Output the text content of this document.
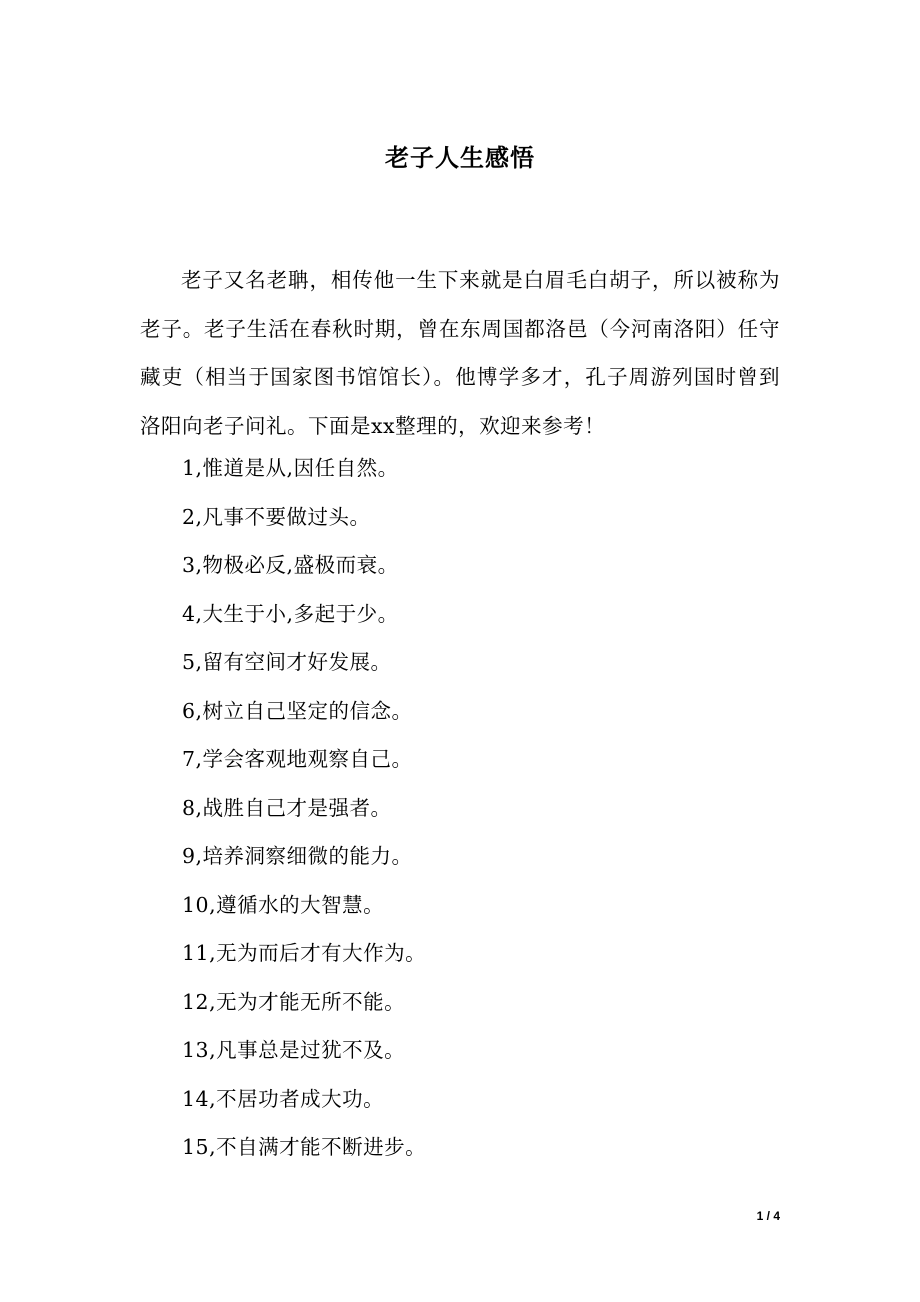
老子人生感悟

老子又名老聃，相传他一生下来就是白眉毛白胡子，所以被称为老子。老子生活在春秋时期，曾在东周国都洛邑（今河南洛阳）任守藏吏（相当于国家图书馆馆长）。他博学多才，孔子周游列国时曾到洛阳向老子问礼。下面是xx整理的，欢迎来参考！

1,惟道是从,因任自然。
2,凡事不要做过头。
3,物极必反,盛极而衰。
4,大生于小,多起于少。
5,留有空间才好发展。
6,树立自己坚定的信念。
7,学会客观地观察自己。
8,战胜自己才是强者。
9,培养洞察细微的能力。
10,遵循水的大智慧。
11,无为而后才有大作为。
12,无为才能无所不能。
13,凡事总是过犹不及。
14,不居功者成大功。
15,不自满才能不断进步。
1 / 4
